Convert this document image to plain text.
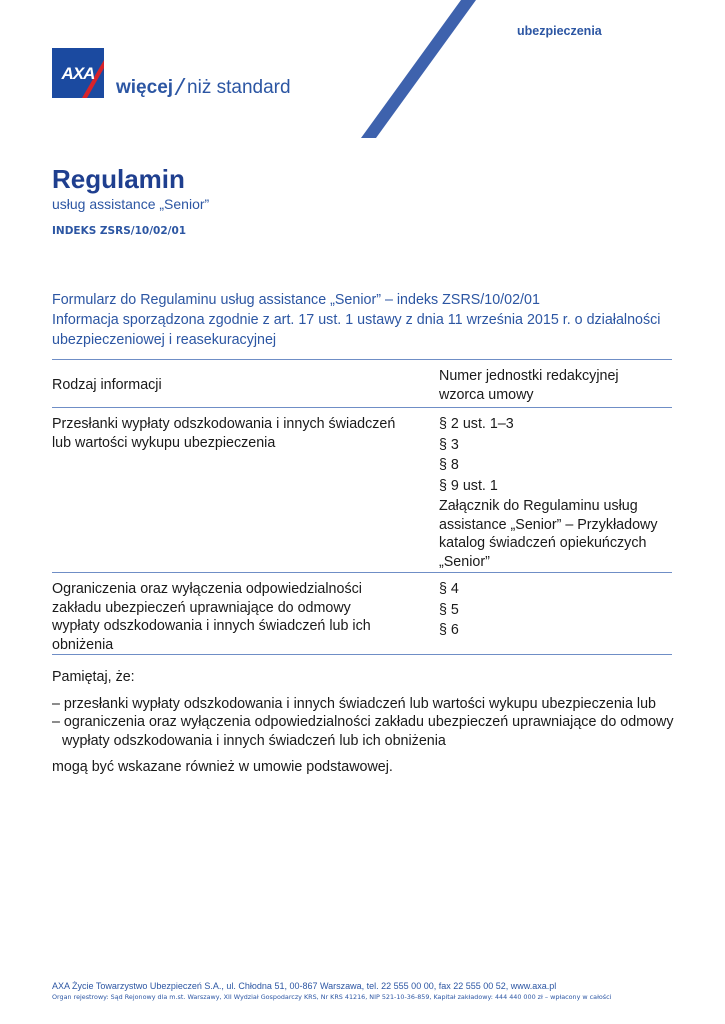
ubezpieczenia
AXA
więcej niż standard
Regulamin
usług assistance „Senior”
INDEKS ZSRS/10/02/01
Formularz do Regulaminu usług assistance „Senior” – indeks ZSRS/10/02/01
Informacja sporządzona zgodnie z art. 17 ust. 1 ustawy z dnia 11 września 2015 r. o działalności ubezpieczeniowej i reasekuracyjnej
Rodzaj informacji
Numer jednostki redakcyjnej wzorca umowy
Przesłanki wypłaty odszkodowania i innych świadczeń lub wartości wykupu ubezpieczenia
§ 2 ust. 1–3
§ 3
§ 8
§ 9 ust. 1
Załącznik do Regulaminu usług assistance „Senior” – Przykładowy katalog świadczeń opiekuńczych „Senior”
Ograniczenia oraz wyłączenia odpowiedzialności zakładu ubezpieczeń uprawniające do odmowy wypłaty odszkodowania i innych świadczeń lub ich obniżenia
§ 4
§ 5
§ 6
Pamiętaj, że:
– przesłanki wypłaty odszkodowania i innych świadczeń lub wartości wykupu ubezpieczenia lub
– ograniczenia oraz wyłączenia odpowiedzialności zakładu ubezpieczeń uprawniające do odmowy wypłaty odszkodowania i innych świadczeń lub ich obniżenia
mogą być wskazane również w umowie podstawowej.
AXA Życie Towarzystwo Ubezpieczeń S.A., ul. Chłodna 51, 00-867 Warszawa, tel. 22 555 00 00, fax 22 555 00 52, www.axa.pl
Organ rejestrowy: Sąd Rejonowy dla m.st. Warszawy, XII Wydział Gospodarczy KRS, Nr KRS 41216, NIP 521-10-36-859, Kapitał zakładowy: 444 440 000 zł – wpłacony w całości
